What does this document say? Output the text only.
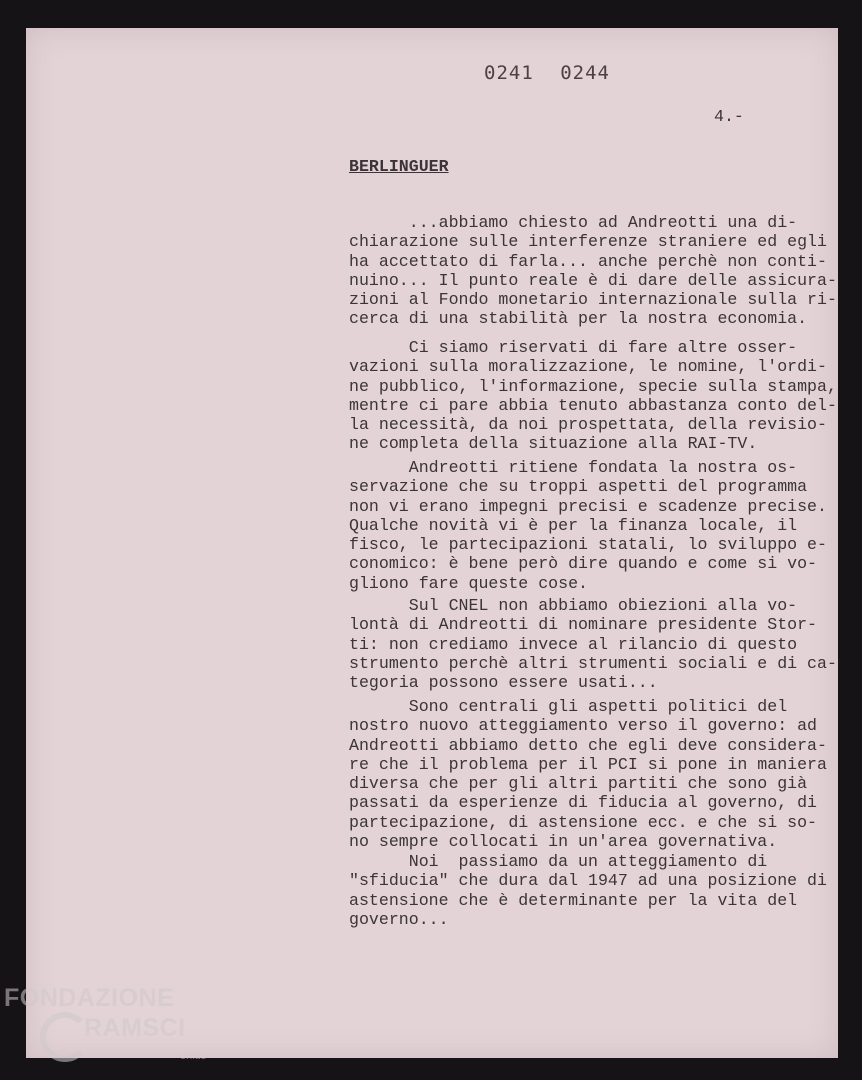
0241 0244
4.-
BERLINGUER
...abbiamo chiesto ad Andreotti una di-
chiarazione sulle interferenze straniere ed egli
ha accettato di farla... anche perchè non conti-
nuino... Il punto reale è di dare delle assicura-
zioni al Fondo monetario internazionale sulla ri-
cerca di una stabilità per la nostra economia.
Ci siamo riservati di fare altre osser-
vazioni sulla moralizzazione, le nomine, l'ordi-
ne pubblico, l'informazione, specie sulla stampa,
mentre ci pare abbia tenuto abbastanza conto del-
la necessità, da noi prospettata, della revisio-
ne completa della situazione alla RAI-TV.
Andreotti ritiene fondata la nostra os-
servazione che su troppi aspetti del programma
non vi erano impegni precisi e scadenze precise.
Qualche novità vi è per la finanza locale, il
fisco, le partecipazioni statali, lo sviluppo e-
conomico: è bene però dire quando e come si vo-
gliono fare queste cose.
Sul CNEL non abbiamo obiezioni alla vo-
lontà di Andreotti di nominare presidente Stor-
ti: non crediamo invece al rilancio di questo
strumento perchè altri strumenti sociali e di ca-
tegoria possono essere usati...
Sono centrali gli aspetti politici del
nostro nuovo atteggiamento verso il governo: ad
Andreotti abbiamo detto che egli deve considera-
re che il problema per il PCI si pone in maniera
diversa che per gli altri partiti che sono già
passati da esperienze di fiducia al governo, di
partecipazione, di astensione ecc. e che si so-
no sempre collocati in un'area governativa.
Noi  passiamo da un atteggiamento di
"sfiducia" che dura dal 1947 ad una posizione di
astensione che è determinante per la vita del
governo...
FONDAZIONE
RAMSCI
onlus
